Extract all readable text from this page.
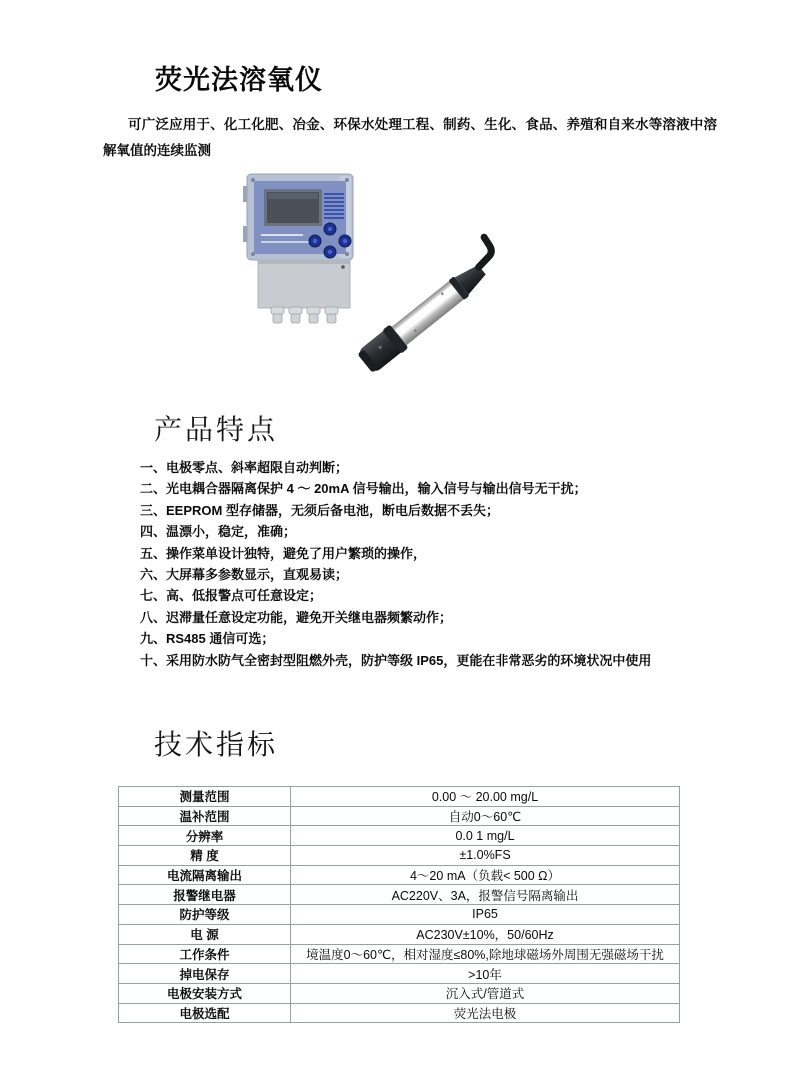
荧光法溶氧仪
可广泛应用于、化工化肥、冶金、环保水处理工程、制药、生化、食品、养殖和自来水等溶液中溶解氧值的连续监测
产品特点
一、电极零点、斜率超限自动判断；
二、光电耦合器隔离保护 4 ～ 20mA 信号输出，输入信号与输出信号无干扰；
三、EEPROM 型存储器，无须后备电池，断电后数据不丢失；
四、温漂小，稳定，准确；
五、操作菜单设计独特，避免了用户繁琐的操作，
六、大屏幕多参数显示，直观易读；
七、高、低报警点可任意设定；
八、迟滞量任意设定功能，避免开关继电器频繁动作；
九、RS485 通信可选；
十、采用防水防气全密封型阻燃外壳，防护等级 IP65，更能在非常恶劣的环境状况中使用
技术指标
测量范围	0.00 ～ 20.00 mg/L
温补范围	自动0～60℃
分辨率	0.0 1 mg/L
精 度	±1.0%FS
电流隔离输出	4～20 mA（负载< 500 Ω）
报警继电器	AC220V、3A，报警信号隔离输出
防护等级	IP65
电 源	AC230V±10%，50/60Hz
工作条件	境温度0～60℃，相对湿度≤80%,除地球磁场外周围无强磁场干扰
掉电保存	>10年
电极安装方式	沉入式/管道式
电极选配	荧光法电极
